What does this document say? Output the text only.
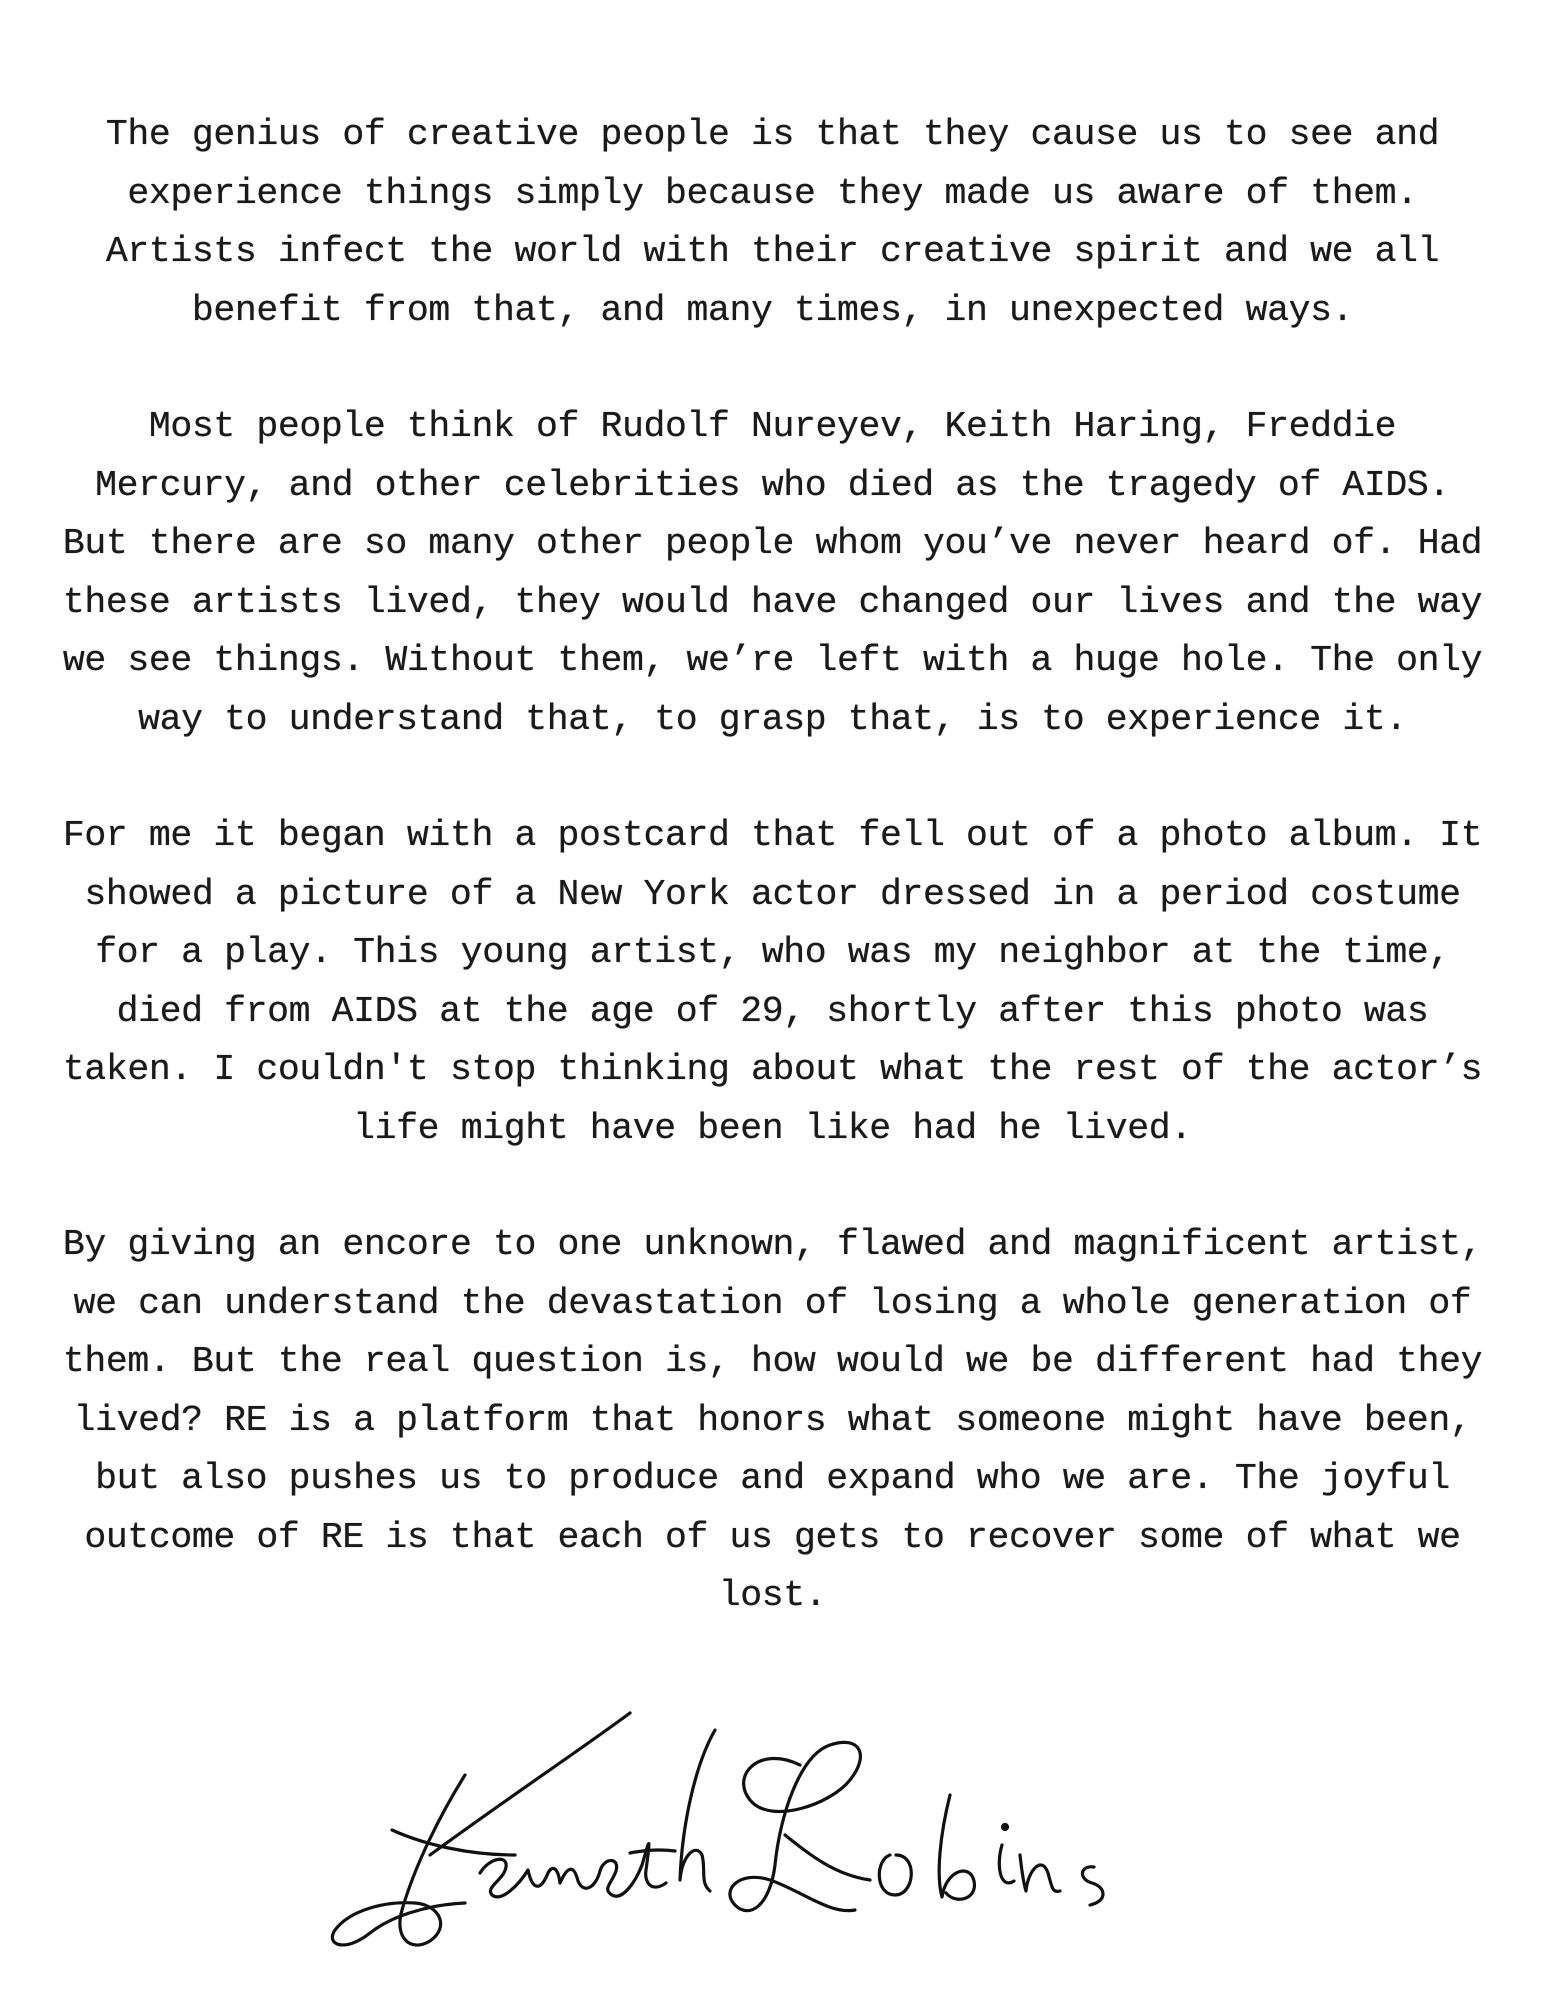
The genius of creative people is that they cause us to see and experience things simply because they made us aware of them. Artists infect the world with their creative spirit and we all benefit from that, and many times, in unexpected ways.

Most people think of Rudolf Nureyev, Keith Haring, Freddie Mercury, and other celebrities who died as the tragedy of AIDS. But there are so many other people whom you’ve never heard of. Had these artists lived, they would have changed our lives and the way we see things. Without them, we’re left with a huge hole. The only way to understand that, to grasp that, is to experience it.

For me it began with a postcard that fell out of a photo album. It showed a picture of a New York actor dressed in a period costume for a play. This young artist, who was my neighbor at the time, died from AIDS at the age of 29, shortly after this photo was taken. I couldn't stop thinking about what the rest of the actor’s life might have been like had he lived.

By giving an encore to one unknown, flawed and magnificent artist, we can understand the devastation of losing a whole generation of them. But the real question is, how would we be different had they lived? RE is a platform that honors what someone might have been, but also pushes us to produce and expand who we are. The joyful outcome of RE is that each of us gets to recover some of what we lost.
